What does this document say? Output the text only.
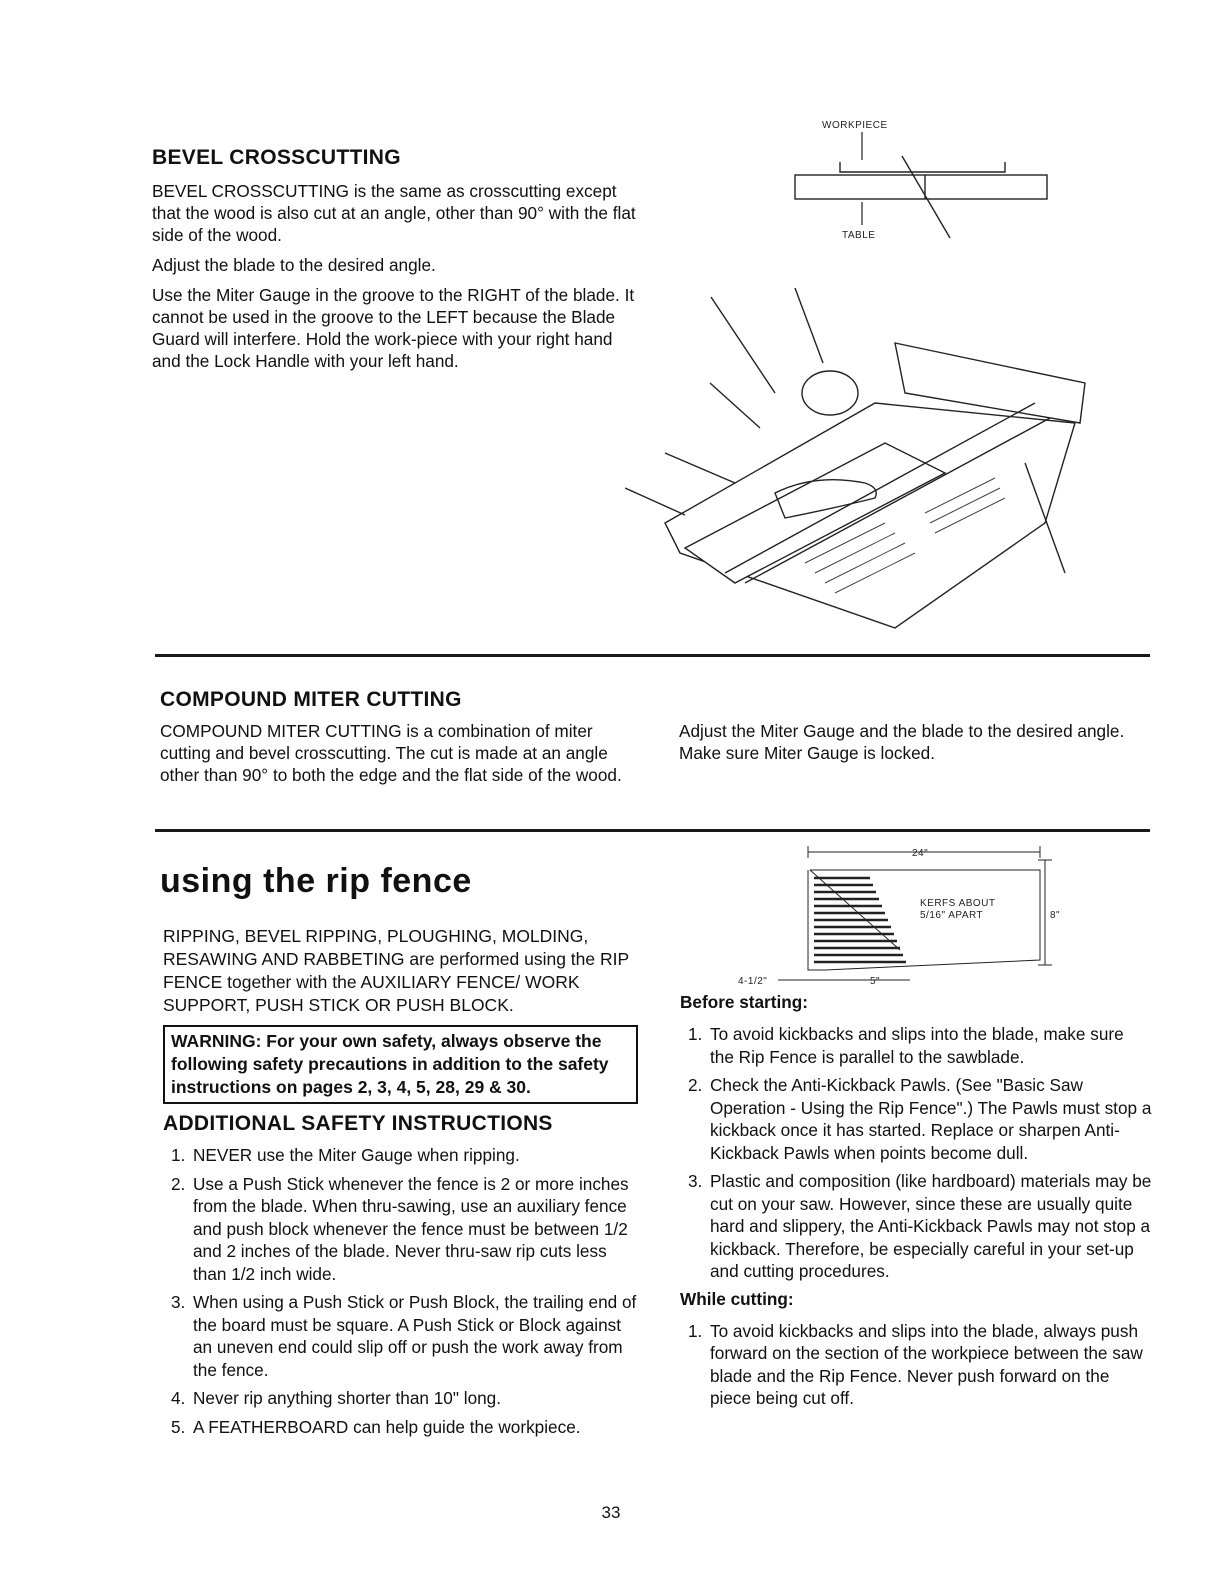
BEVEL CROSSCUTTING

BEVEL CROSSCUTTING is the same as crosscutting except that the wood is also cut at an angle, other than 90° with the flat side of the wood.

Adjust the blade to the desired angle.

Use the Miter Gauge in the groove to the RIGHT of the blade. It cannot be used in the groove to the LEFT because the Blade Guard will interfere. Hold the work-piece with your right hand and the Lock Handle with your left hand.

WORKPIECE
TABLE
COMPOUND MITER CUTTING

COMPOUND MITER CUTTING is a combination of miter cutting and bevel crosscutting. The cut is made at an angle other than 90° to both the edge and the flat side of the wood.

Adjust the Miter Gauge and the blade to the desired angle. Make sure Miter Gauge is locked.

using the rip fence

RIPPING, BEVEL RIPPING, PLOUGHING, MOLDING, RESAWING AND RABBETING are performed using the RIP FENCE together with the AUXILIARY FENCE/ WORK SUPPORT, PUSH STICK OR PUSH BLOCK.

WARNING: For your own safety, always observe the following safety precautions in addition to the safety instructions on pages 2, 3, 4, 5, 28, 29 & 30.
ADDITIONAL SAFETY INSTRUCTIONS
1. NEVER use the Miter Gauge when ripping.
2. Use a Push Stick whenever the fence is 2 or more inches from the blade. When thru-sawing, use an auxiliary fence and push block whenever the fence must be between 1/2 and 2 inches of the blade. Never thru-saw rip cuts less than 1/2 inch wide.
3. When using a Push Stick or Push Block, the trailing end of the board must be square. A Push Stick or Block against an uneven end could slip off or push the work away from the fence.
4. Never rip anything shorter than 10" long.
5. A FEATHERBOARD can help guide the workpiece.
24"
KERFS ABOUT
5/16" APART	8"
4-1/2"	5"
Before starting:
1. To avoid kickbacks and slips into the blade, make sure the Rip Fence is parallel to the sawblade.
2. Check the Anti-Kickback Pawls. (See "Basic Saw Operation - Using the Rip Fence".) The Pawls must stop a kickback once it has started. Replace or sharpen Anti-Kickback Pawls when points become dull.
3. Plastic and composition (like hardboard) materials may be cut on your saw. However, since these are usually quite hard and slippery, the Anti-Kickback Pawls may not stop a kickback. Therefore, be especially careful in your set-up and cutting procedures.
While cutting:
1. To avoid kickbacks and slips into the blade, always push forward on the section of the workpiece between the saw blade and the Rip Fence. Never push forward on the piece being cut off.
33
